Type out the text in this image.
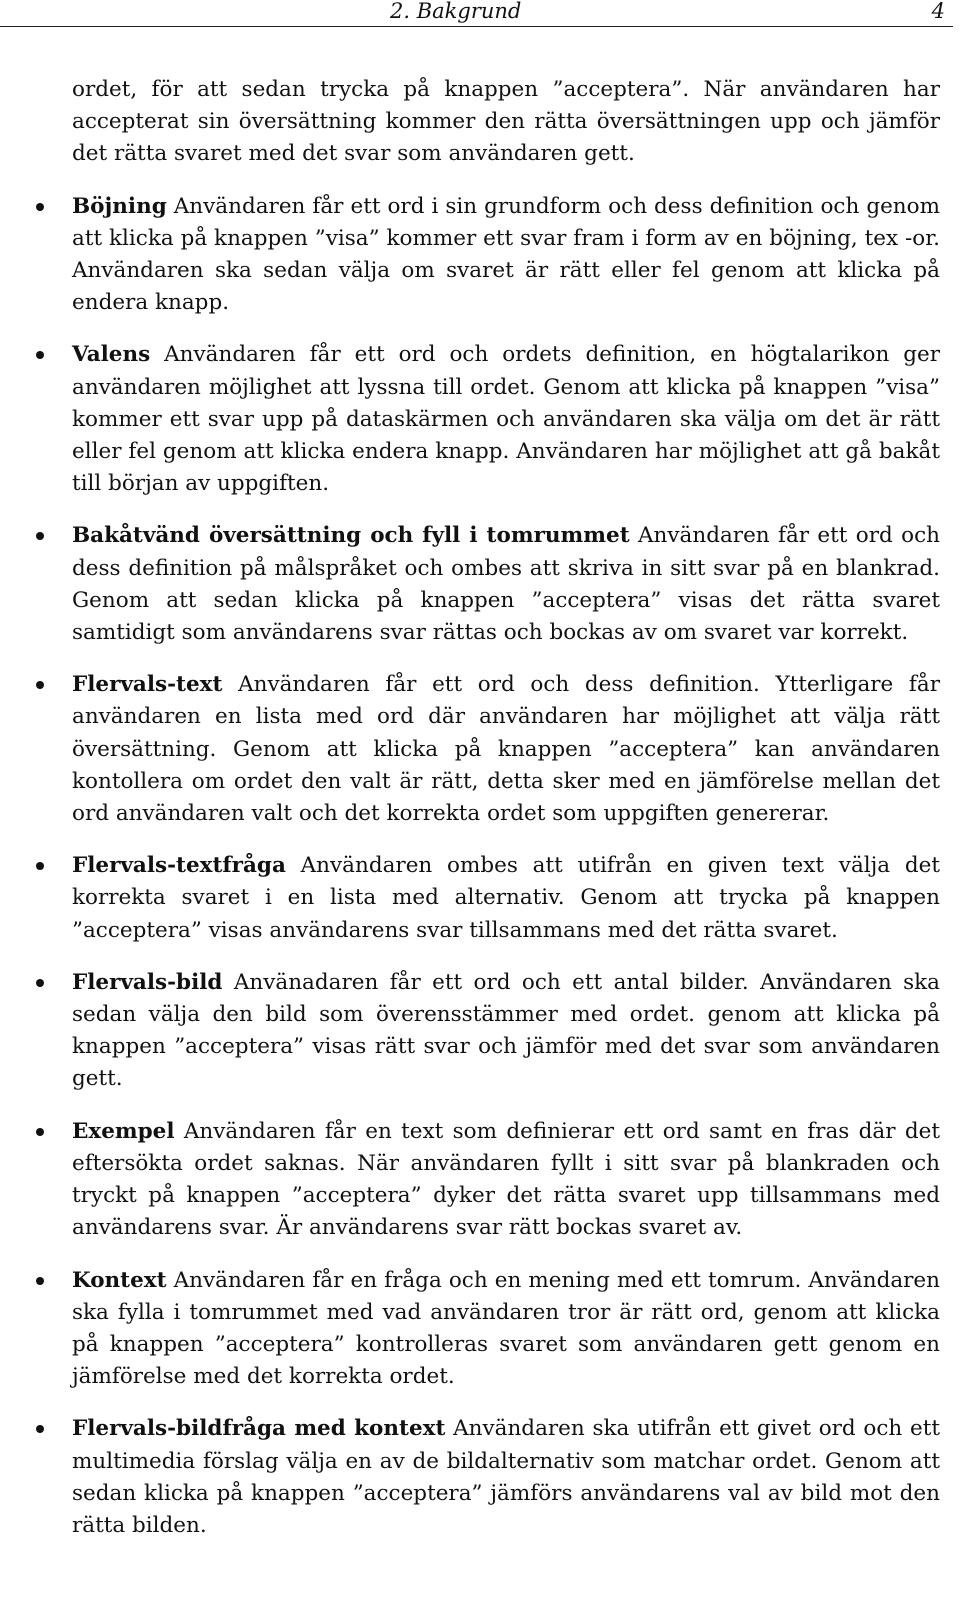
2. Bakgrund	4

ordet, för att sedan trycka på knappen ”acceptera”. När användaren har accepterat sin översättning kommer den rätta översättningen upp och jämför det rätta svaret med det svar som användaren gett.

Böjning Användaren får ett ord i sin grundform och dess definition och genom att klicka på knappen ”visa” kommer ett svar fram i form av en böjning, tex -or. Användaren ska sedan välja om svaret är rätt eller fel genom att klicka på endera knapp.
Valens Användaren får ett ord och ordets definition, en högtalarikon ger användaren möjlighet att lyssna till ordet. Genom att klicka på knappen ”visa” kommer ett svar upp på dataskärmen och användaren ska välja om det är rätt eller fel genom att klicka endera knapp. Användaren har möjlighet att gå bakåt till början av uppgiften.
Bakåtvänd översättning och fyll i tomrummet Användaren får ett ord och dess definition på målspråket och ombes att skriva in sitt svar på en blankrad. Genom att sedan klicka på knappen ”acceptera” visas det rätta svaret samtidigt som användarens svar rättas och bockas av om svaret var korrekt.
Flervals-text Användaren får ett ord och dess definition. Ytterligare får användaren en lista med ord där användaren har möjlighet att välja rätt översättning. Genom att klicka på knappen ”acceptera” kan användaren kontollera om ordet den valt är rätt, detta sker med en jämförelse mellan det ord användaren valt och det korrekta ordet som uppgiften genererar.
Flervals-textfråga Användaren ombes att utifrån en given text välja det korrekta svaret i en lista med alternativ. Genom att trycka på knappen ”acceptera” visas användarens svar tillsammans med det rätta svaret.
Flervals-bild Använadaren får ett ord och ett antal bilder. Användaren ska sedan välja den bild som överensstämmer med ordet. genom att klicka på knappen ”acceptera” visas rätt svar och jämför med det svar som användaren gett.
Exempel Användaren får en text som definierar ett ord samt en fras där det eftersökta ordet saknas. När användaren fyllt i sitt svar på blankraden och tryckt på knappen ”acceptera” dyker det rätta svaret upp tillsammans med användarens svar. Är användarens svar rätt bockas svaret av.
Kontext Användaren får en fråga och en mening med ett tomrum. Användaren ska fylla i tomrummet med vad användaren tror är rätt ord, genom att klicka på knappen ”acceptera” kontrolleras svaret som användaren gett genom en jämförelse med det korrekta ordet.
Flervals-bildfråga med kontext Användaren ska utifrån ett givet ord och ett multimedia förslag välja en av de bildalternativ som matchar ordet. Genom att sedan klicka på knappen ”acceptera” jämförs användarens val av bild mot den rätta bilden.
